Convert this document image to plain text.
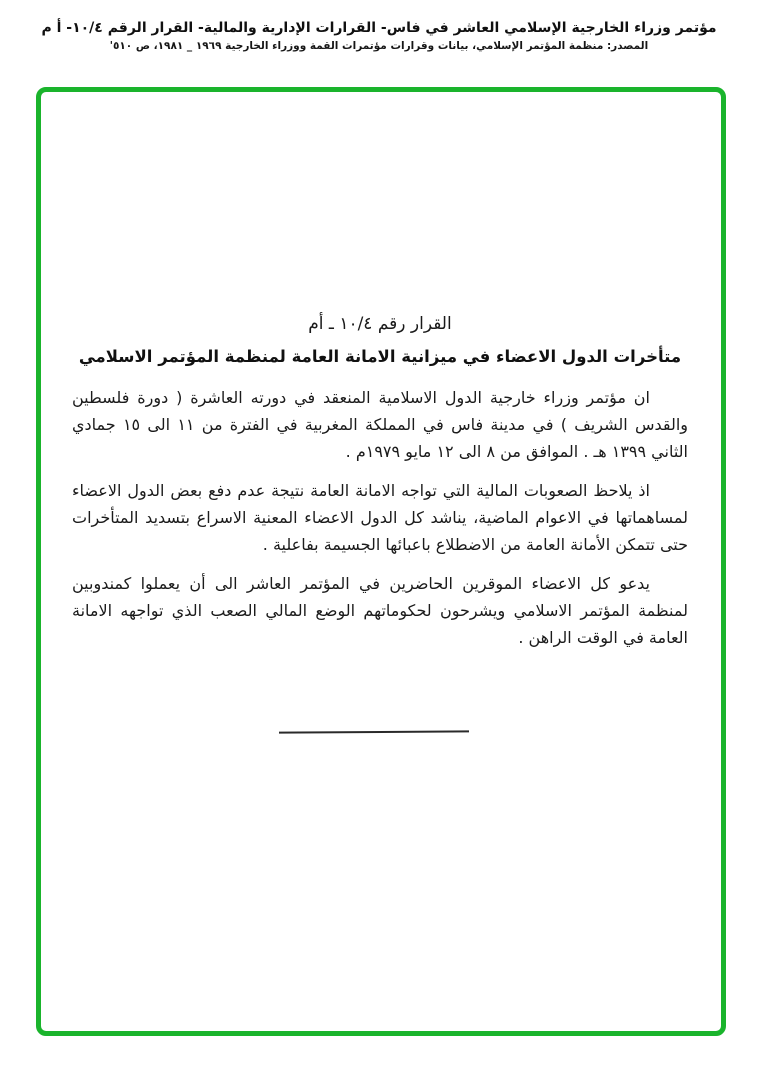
مؤتمر وزراء الخارجية الإسلامي العاشر في فاس- القرارات الإدارية والمالية- القرار الرقم ١٠/٤- أ م
المصدر: منظمة المؤتمر الإسلامي، بيانات وقرارات مؤتمرات القمة ووزراء الخارجية ١٩٦٩ _ ١٩٨١، ص ٥١٠'
القرار رقم ١٠/٤ ـ أم
متأخرات الدول الاعضاء في ميزانية الامانة العامة لمنظمة المؤتمر الاسلامي

ان مؤتمر وزراء خارجية الدول الاسلامية المنعقد في دورته العاشرة ( دورة فلسطين والقدس الشريف ) في مدينة فاس في المملكة المغربية في الفترة من ١١ الى ١٥ جمادي الثاني ١٣٩٩ هـ . الموافق من ٨ الى ١٢ مايو ١٩٧٩م .

اذ يلاحظ الصعوبات المالية التي تواجه الامانة العامة نتيجة عدم دفع بعض الدول الاعضاء لمساهماتها في الاعوام الماضية، يناشد كل الدول الاعضاء المعنية الاسراع بتسديد المتأخرات حتى تتمكن الأمانة العامة من الاضطلاع باعبائها الجسيمة بفاعلية .

يدعو كل الاعضاء الموقرين الحاضرين في المؤتمر العاشر الى أن يعملوا كمندوبين لمنظمة المؤتمر الاسلامي ويشرحون لحكوماتهم الوضع المالي الصعب الذي تواجهه الامانة العامة في الوقت الراهن .
